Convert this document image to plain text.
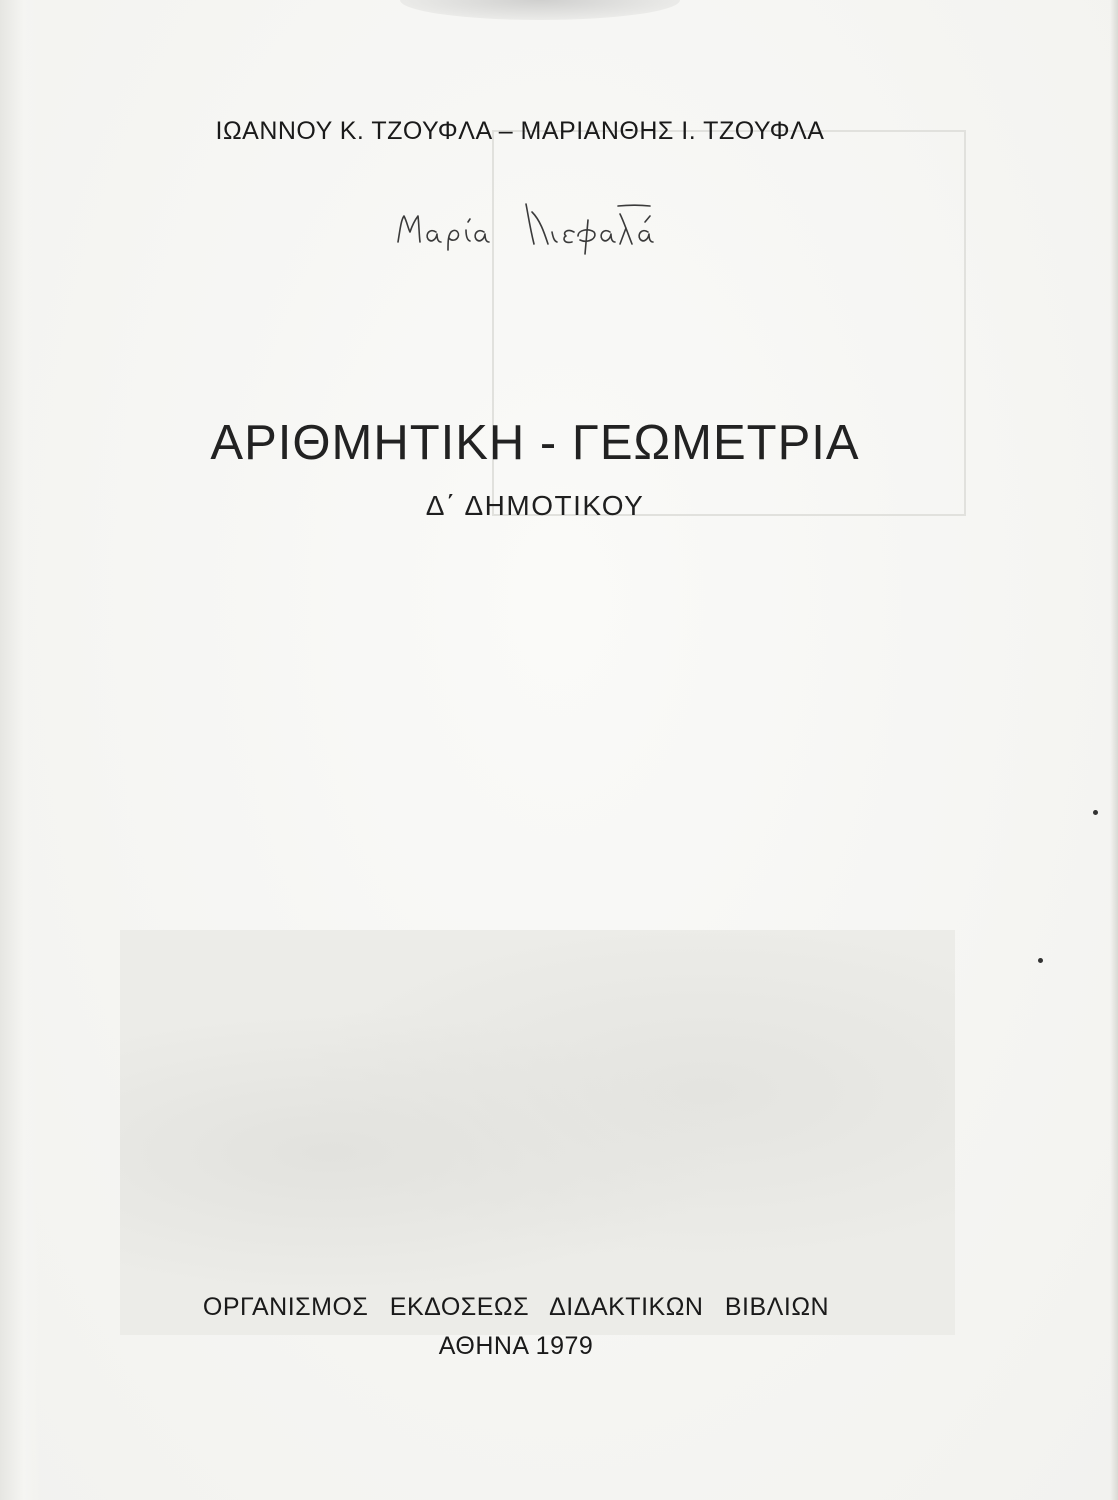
ΙΩΑΝΝΟΥ Κ. ΤΖΟΥΦΛΑ – ΜΑΡΙΑΝΘΗΣ Ι. ΤΖΟΥΦΛΑ
ΑΡΙΘΜΗΤΙΚΗ - ΓΕΩΜΕΤΡΙΑ
Δ΄ ΔΗΜΟΤΙΚΟΥ
ΟΡΓΑΝΙΣΜΟΣ ΕΚΔΟΣΕΩΣ ΔΙΔΑΚΤΙΚΩΝ ΒΙΒΛΙΩΝ
ΑΘΗΝΑ 1979
